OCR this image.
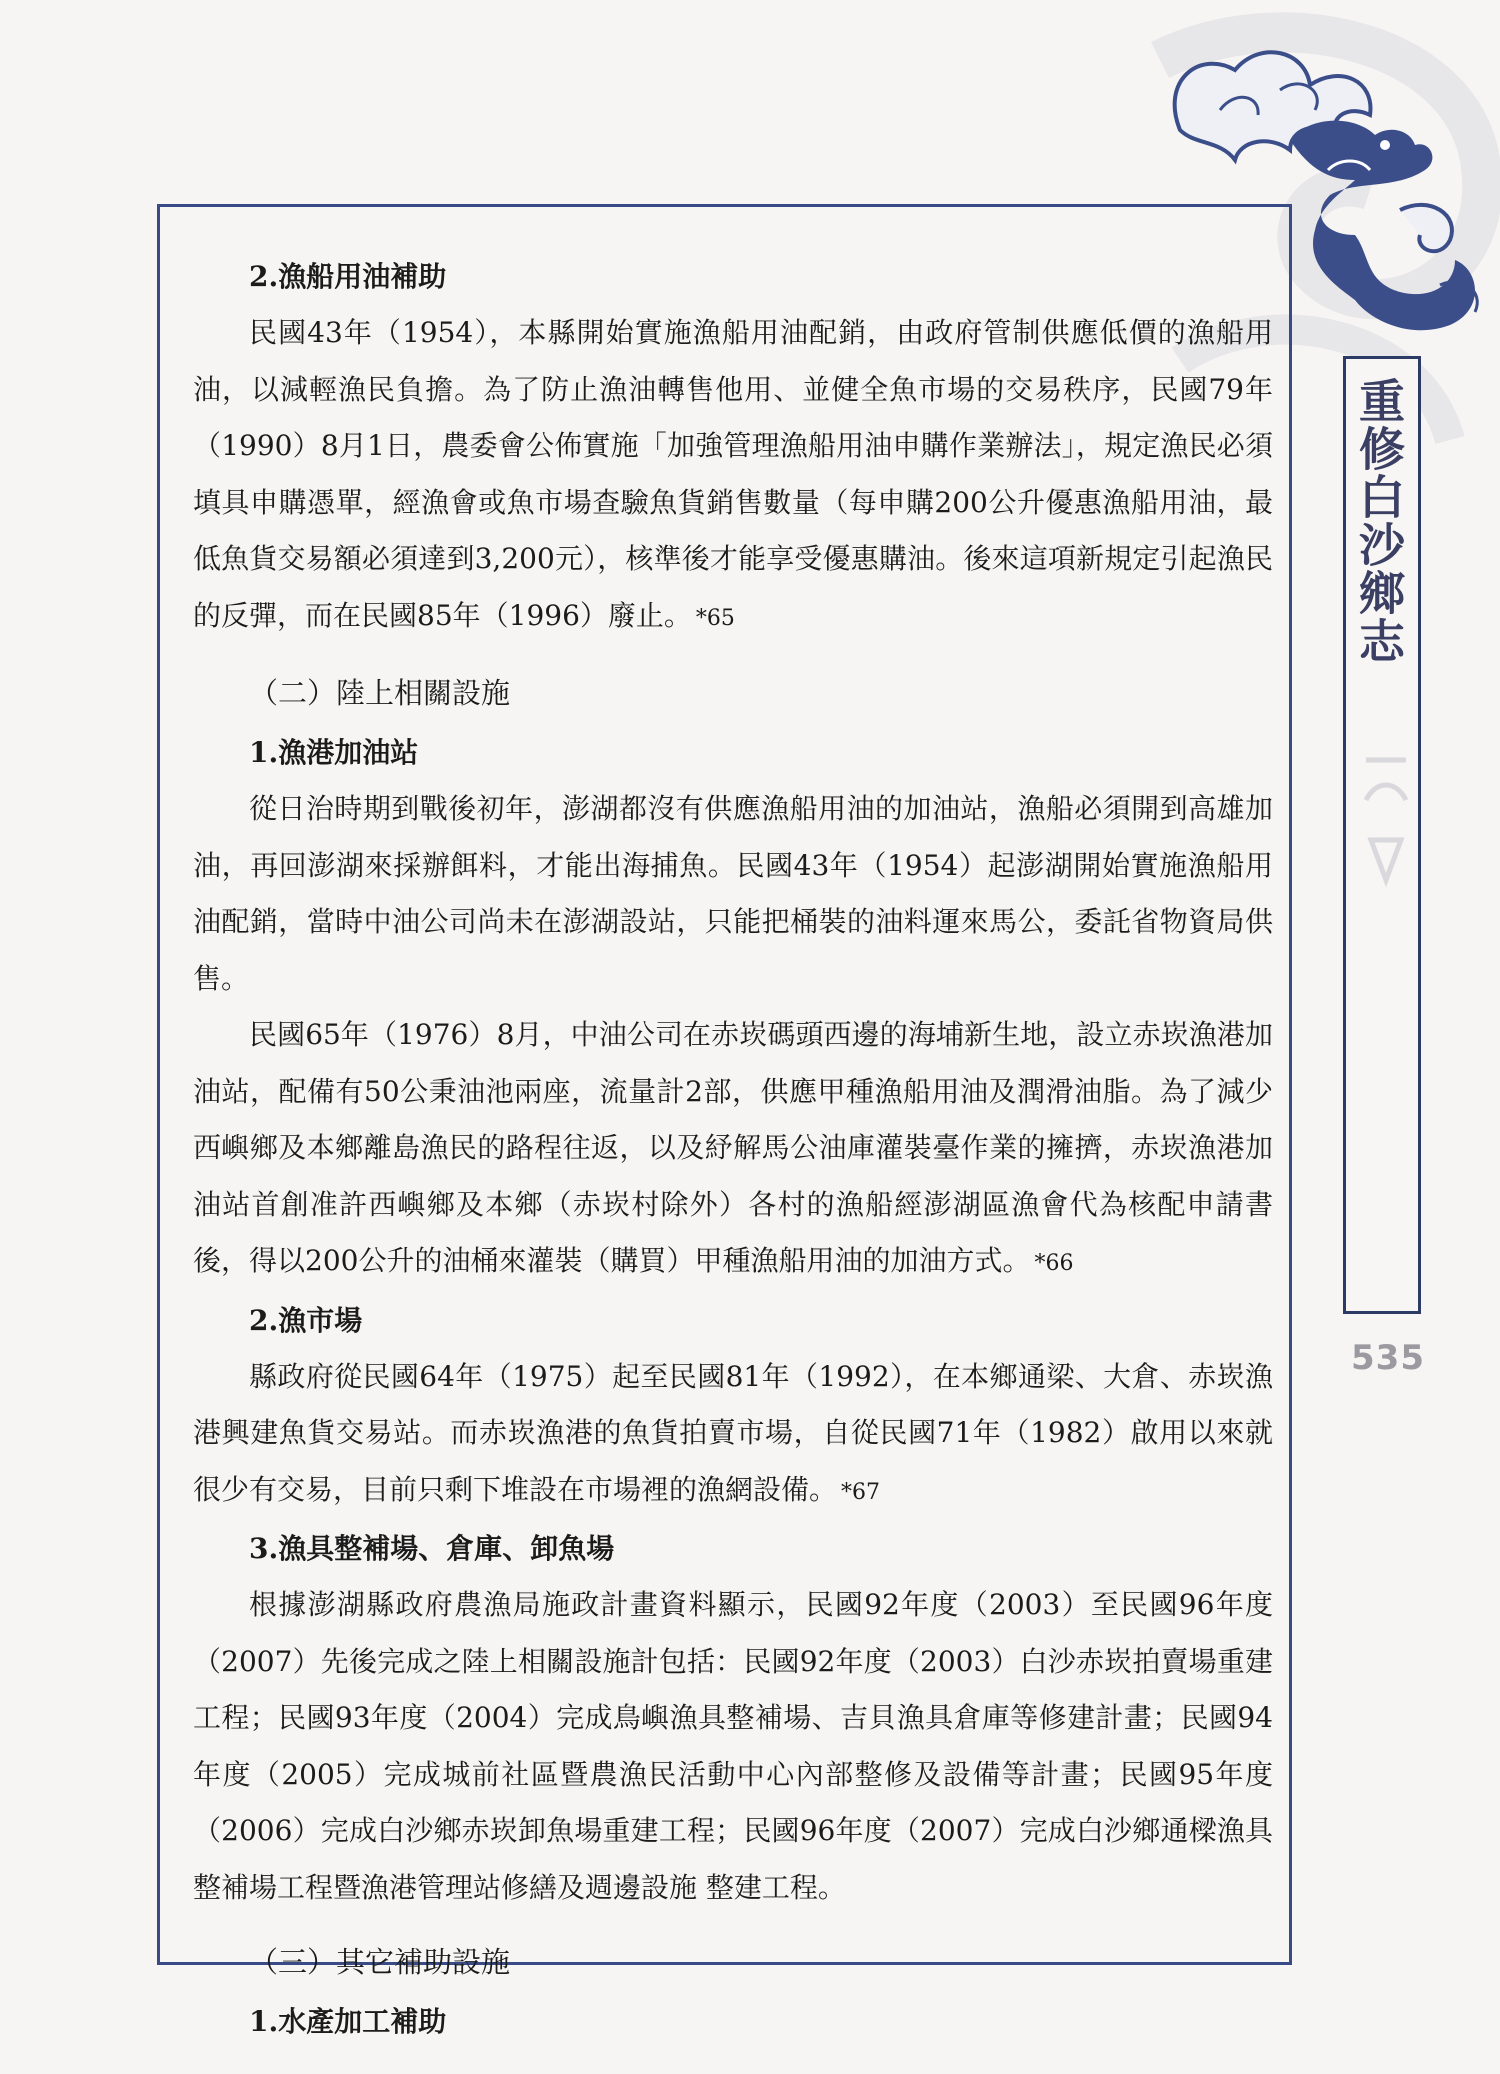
2.漁船用油補助

民國43年（1954），本縣開始實施漁船用油配銷，由政府管制供應低價的漁船用油，以減輕漁民負擔。為了防止漁油轉售他用、並健全魚市場的交易秩序，民國79年（1990）8月1日，農委會公佈實施「加強管理漁船用油申購作業辦法」，規定漁民必須填具申購憑單，經漁會或魚市場查驗魚貨銷售數量（每申購200公升優惠漁船用油，最低魚貨交易額必須達到3,200元），核準後才能享受優惠購油。後來這項新規定引起漁民的反彈，而在民國85年（1996）廢止。 *65

（二）陸上相關設施
1.漁港加油站

從日治時期到戰後初年，澎湖都沒有供應漁船用油的加油站，漁船必須開到高雄加油，再回澎湖來採辦餌料，才能出海捕魚。民國43年（1954）起澎湖開始實施漁船用油配銷，當時中油公司尚未在澎湖設站，只能把桶裝的油料運來馬公，委託省物資局供售。

民國65年（1976）8月，中油公司在赤崁碼頭西邊的海埔新生地，設立赤崁漁港加油站，配備有50公秉油池兩座，流量計2部，供應甲種漁船用油及潤滑油脂。為了減少西嶼鄉及本鄉離島漁民的路程往返，以及紓解馬公油庫灌裝臺作業的擁擠，赤崁漁港加油站首創准許西嶼鄉及本鄉（赤崁村除外）各村的漁船經澎湖區漁會代為核配申請書後，得以200公升的油桶來灌裝（購買）甲種漁船用油的加油方式。 *66

2.漁市場

縣政府從民國64年（1975）起至民國81年（1992），在本鄉通梁、大倉、赤崁漁港興建魚貨交易站。而赤崁漁港的魚貨拍賣市場，自從民國71年（1982）啟用以來就很少有交易，目前只剩下堆設在市場裡的漁網設備。 *67

3.漁具整補場、倉庫、卸魚場

根據澎湖縣政府農漁局施政計畫資料顯示，民國92年度（2003）至民國96年度（2007）先後完成之陸上相關設施計包括：民國92年度（2003）白沙赤崁拍賣場重建工程；民國93年度（2004）完成鳥嶼漁具整補場、吉貝漁具倉庫等修建計畫；民國94年度（2005）完成城前社區暨農漁民活動中心內部整修及設備等計畫；民國95年度（2006）完成白沙鄉赤崁卸魚場重建工程；民國96年度（2007）完成白沙鄉通樑漁具整補場工程暨漁港管理站修繕及週邊設施 整建工程。

（三）其它補助設施
1.水產加工補助
重修白沙鄉志
535
